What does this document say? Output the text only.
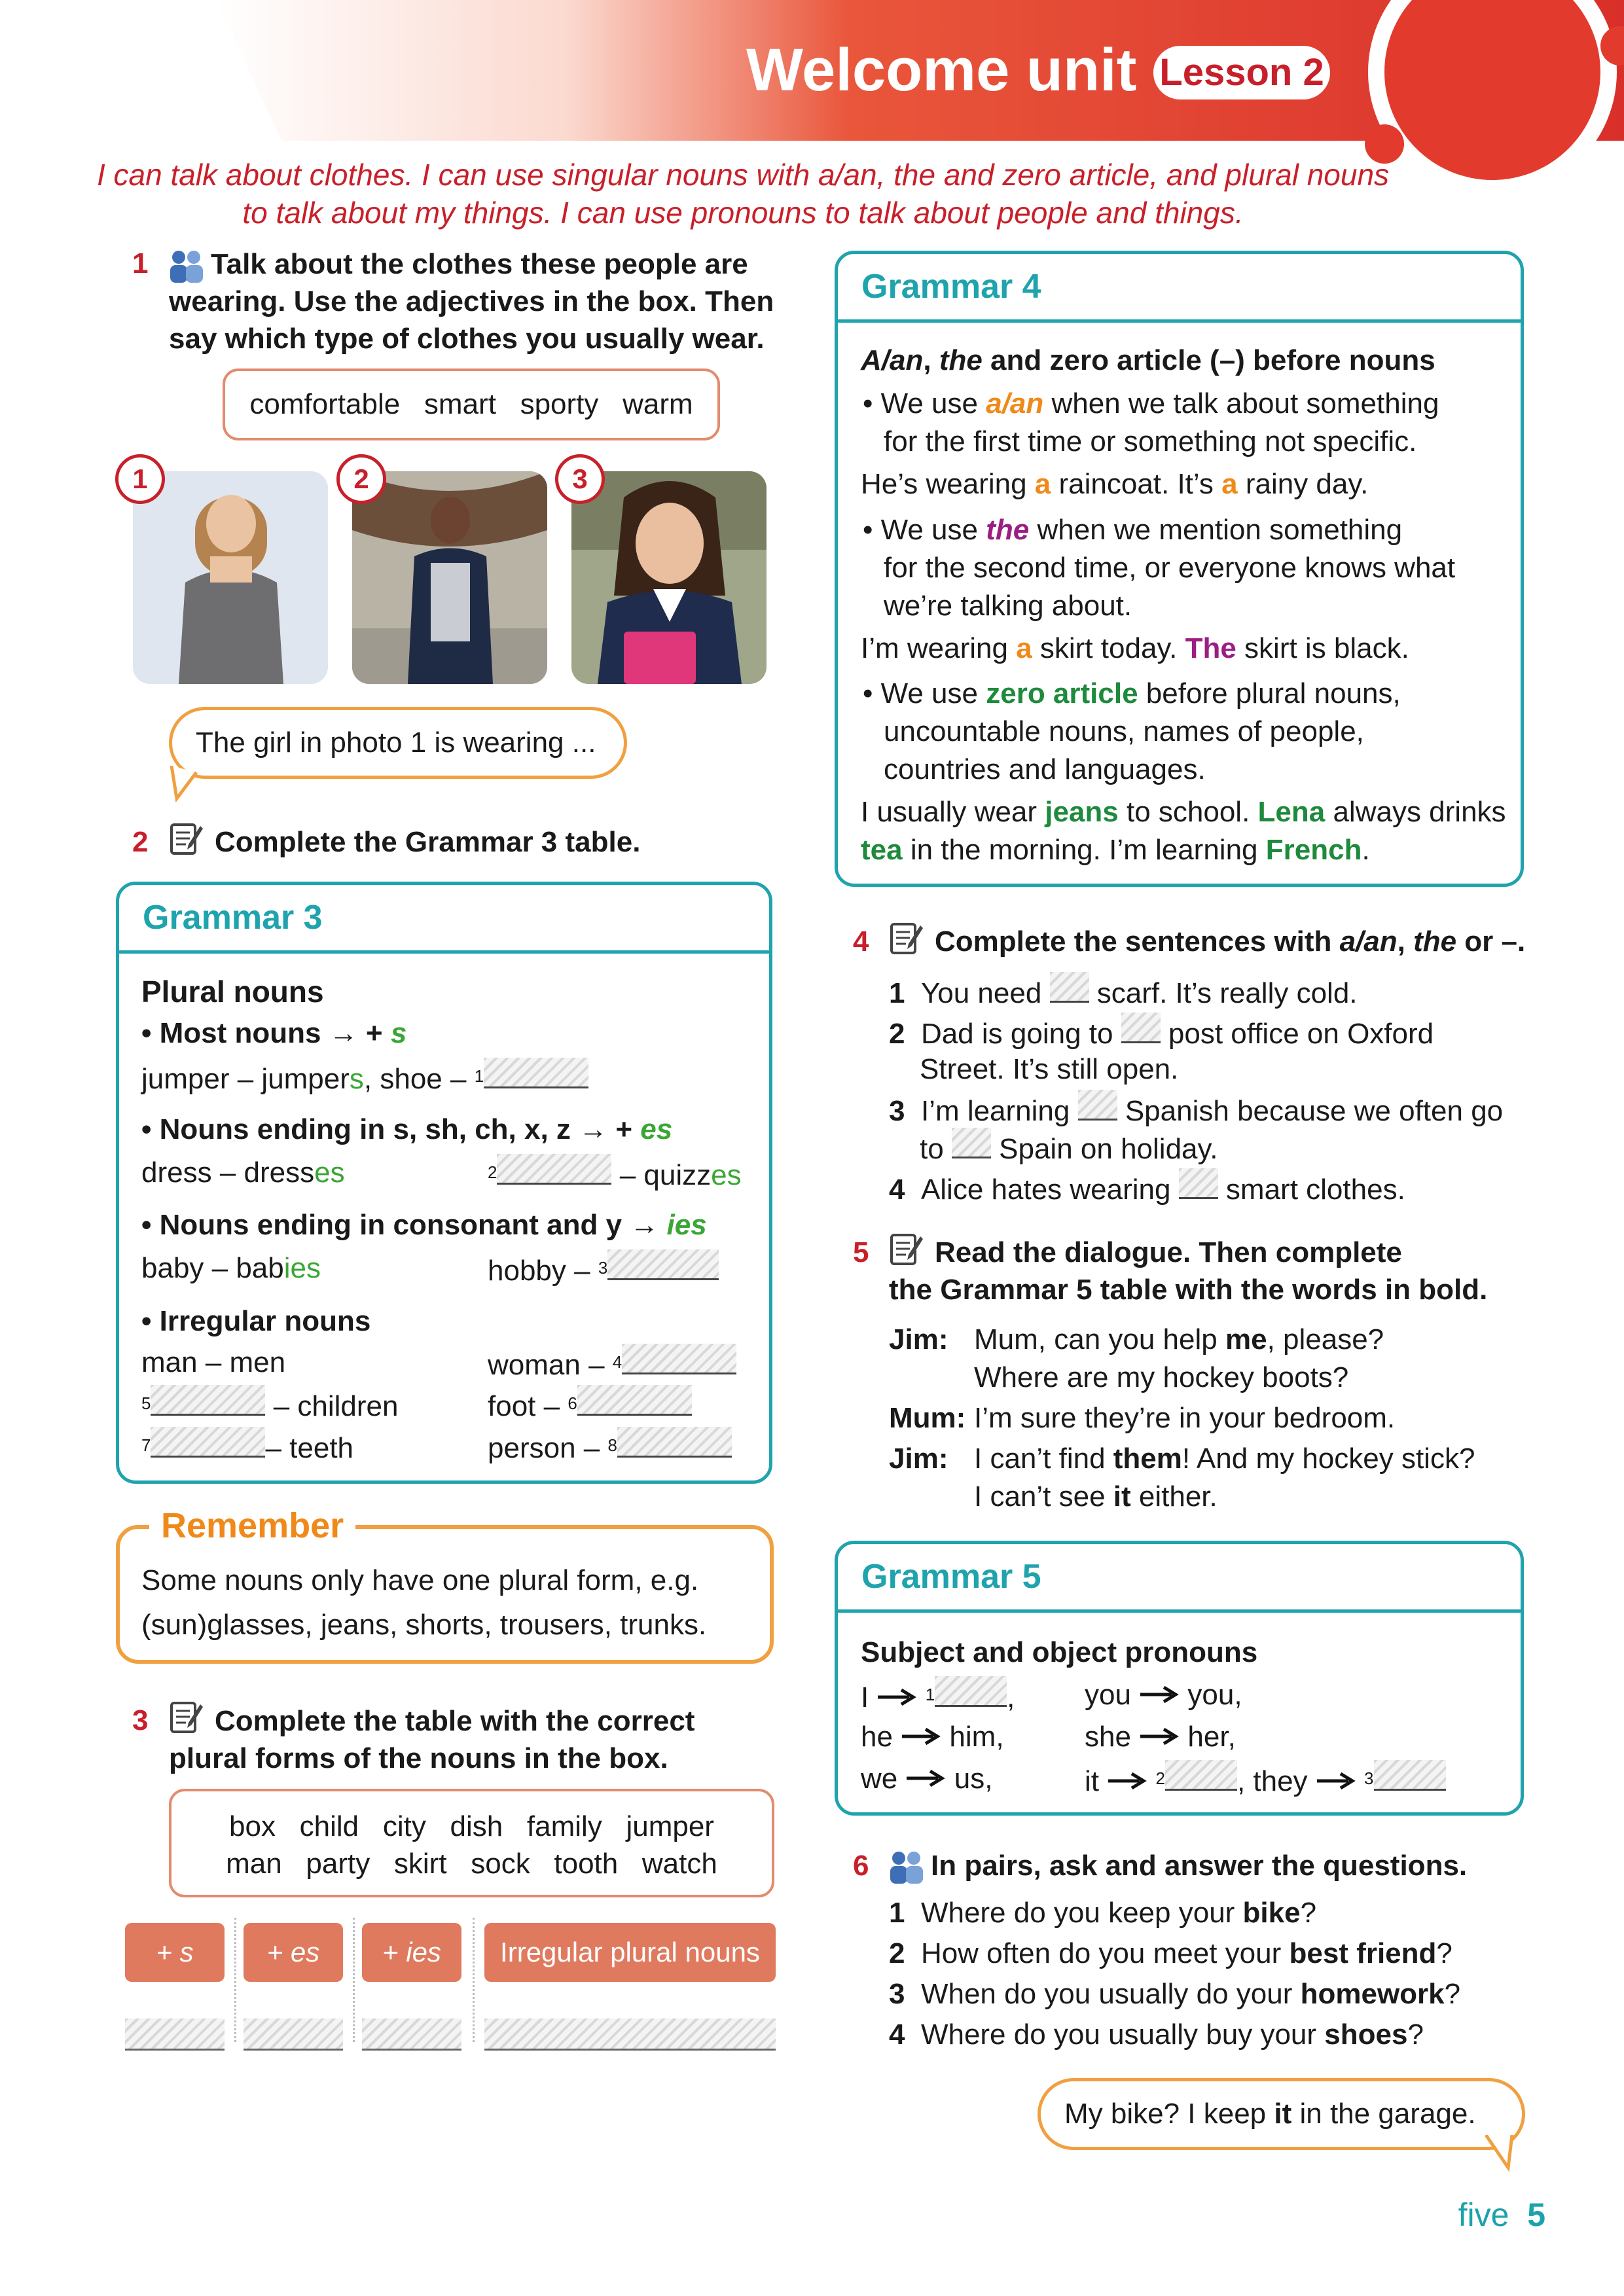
Welcome unit Lesson 2
I can talk about clothes. I can use singular nouns with a/an, the and zero article, and plural nouns to talk about my things. I can use pronouns to talk about people and things.
1 Talk about the clothes these people are
wearing. Use the adjectives in the box. Then
say which type of clothes you usually wear.
comfortable   smart   sporty   warm
1	2	3
The girl in photo 1 is wearing ...
2 Complete the Grammar 3 table.
Grammar 3
Plural nouns
• Most nouns → + s
jumper – jumpers, shoe – $^1$
• Nouns ending in s, sh, ch, x, z → + es
dress – dresses	$^2$	– quizzes
• Nouns ending in consonant and y → ies
baby – babies	hobby – $^3$
• Irregular nouns
man – men	woman – $^4$
$^5$	– children	foot – $^6$
$^7$	– teeth	person – $^8$
Remember
Some nouns only have one plural form, e.g.
(sun)glasses, jeans, shorts, trousers, trunks.
3 Complete the table with the correct
plural forms of the nouns in the box.
box   child   city   dish   family   jumper
man   party   skirt   sock   tooth   watch
+ s	+ es	+ ies	Irregular plural nouns
Grammar 4
A/an, the and zero article (–) before nouns
• We use a/an when we talk about something
for the first time or something not specific.
He’s wearing a raincoat. It’s a rainy day.
• We use the when we mention something
for the second time, or everyone knows what
we’re talking about.
I’m wearing a skirt today. The skirt is black.
• We use zero article before plural nouns,
uncountable nouns, names of people,
countries and languages.
I usually wear jeans to school. Lena always drinks
tea in the morning. I’m learning French.
4 Complete the sentences with a/an, the or –.
1 You need  scarf. It’s really cold.
2 Dad is going to  post office on Oxford
Street. It’s still open.
3 I’m learning  Spanish because we often go
to  Spain on holiday.
4 Alice hates wearing  smart clothes.
5 Read the dialogue. Then complete
the Grammar 5 table with the words in bold.
Jim: Mum, can you help me, please?
Where are my hockey boots?
Mum: I’m sure they’re in your bedroom.
Jim: I can’t find them! And my hockey stick?
I can’t see it either.
Grammar 5
Subject and object pronouns
I	$^1$	, you you,
he him,	she her,
we us,	it	$^2$	, they	$^3$
6 In pairs, ask and answer the questions.
1 Where do you keep your bike?
2 How often do you meet your best friend?
3 When do you usually do your homework?
4 Where do you usually buy your shoes?
My bike? I keep it in the garage.
five 5
